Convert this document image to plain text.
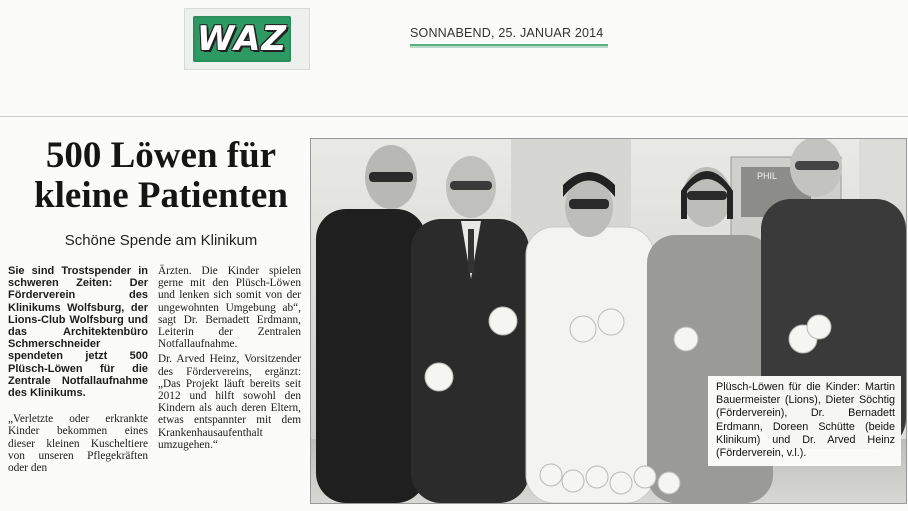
WAZ	SONNABEND, 25. JANUAR 2014
500 Löwen für
kleine Patienten
Schöne Spende am Klinikum

Sie sind Trostspender in schweren Zeiten: Der Förderverein des Klinikums Wolfsburg, der Lions-Club Wolfsburg und das Architektenbüro Schmerschneider spendeten jetzt 500 Plüsch-Löwen für die Zentrale Notfallaufnahme des Klinikums.

„Verletzte oder erkrankte Kinder bekommen eines dieser kleinen Kuscheltiere von unseren Pflegekräften oder den

Ärzten. Die Kinder spielen gerne mit den Plüsch-Löwen und lenken sich somit von der ungewohnten Umgebung ab“, sagt Dr. Bernadett Erdmann, Leiterin der Zentralen Notfallaufnahme.

Dr. Arved Heinz, Vorsitzender des Fördervereins, ergänzt: „Das Projekt läuft bereits seit 2012 und hilft sowohl den Kindern als auch deren Eltern, etwas entspannter mit dem Krankenhausaufenthalt umzugehen.“

PHIL
Plüsch-Löwen für die Kinder: Martin Bauermeister (Lions), Dieter Söchtig (Förderverein), Dr. Bernadett Erdmann, Doreen Schütte (beide Klinikum) und Dr. Arved Heinz (Förderverein, v.l.).
